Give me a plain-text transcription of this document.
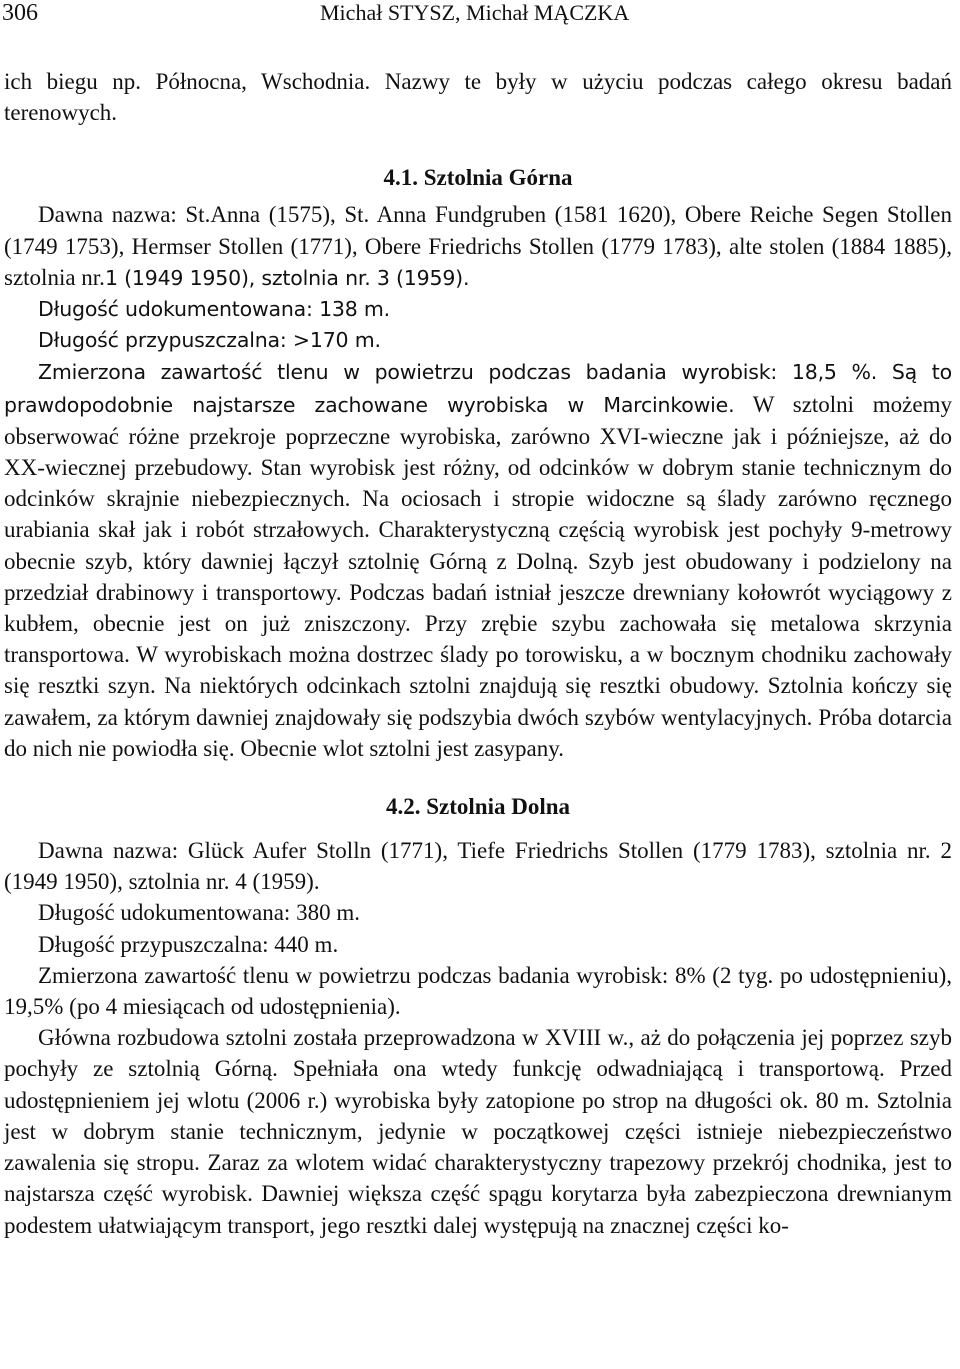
306	Michał STYSZ, Michał MĄCZKA

ich biegu np. Północna, Wschodnia. Nazwy te były w użyciu podczas całego okresu badań terenowych.

4.1. Sztolnia Górna

Dawna nazwa: St.Anna (1575), St. Anna Fundgruben (1581 1620), Obere Reiche Segen Stollen (1749 1753), Hermser Stollen (1771), Obere Friedrichs Stollen (1779 1783), alte stolen (1884 1885), sztolnia nr.1 (1949 1950), sztolnia nr. 3 (1959).

Długość udokumentowana: 138 m.

Długość przypuszczalna: >170 m.

Zmierzona zawartość tlenu w powietrzu podczas badania wyrobisk: 18,5 %. Są to prawdopodobnie najstarsze zachowane wyrobiska w Marcinkowie. W sztolni możemy obserwować różne przekroje poprzeczne wyrobiska, zarówno XVI-wieczne jak i późniejsze, aż do XX-wiecznej przebudowy. Stan wyrobisk jest różny, od odcinków w dobrym stanie technicznym do odcinków skrajnie niebezpiecznych. Na ociosach i stropie widoczne są ślady zarówno ręcznego urabiania skał jak i robót strzałowych. Charakterystyczną częścią wyrobisk jest pochyły 9-metrowy obecnie szyb, który dawniej łączył sztolnię Górną z Dolną. Szyb jest obudowany i podzielony na przedział drabinowy i transportowy. Podczas badań istniał jeszcze drewniany kołowrót wyciągowy z kubłem, obecnie jest on już zniszczony. Przy zrębie szybu zachowała się metalowa skrzynia transportowa. W wyrobiskach można dostrzec ślady po torowisku, a w bocznym chodniku zachowały się resztki szyn. Na niektórych odcinkach sztolni znajdują się resztki obudowy. Sztolnia kończy się zawałem, za którym dawniej znajdowały się podszybia dwóch szybów wentylacyjnych. Próba dotarcia do nich nie powiodła się. Obecnie wlot sztolni jest zasypany.

4.2. Sztolnia Dolna

Dawna nazwa: Glück Aufer Stolln (1771), Tiefe Friedrichs Stollen (1779 1783), sztolnia nr. 2 (1949 1950), sztolnia nr. 4 (1959).

Długość udokumentowana: 380 m.

Długość przypuszczalna: 440 m.

Zmierzona zawartość tlenu w powietrzu podczas badania wyrobisk: 8% (2 tyg. po udostępnieniu), 19,5% (po 4 miesiącach od udostępnienia).

Główna rozbudowa sztolni została przeprowadzona w XVIII w., aż do połączenia jej poprzez szyb pochyły ze sztolnią Górną. Spełniała ona wtedy funkcję odwadniającą i transportową. Przed udostępnieniem jej wlotu (2006 r.) wyrobiska były zatopione po strop na długości ok. 80 m. Sztolnia jest w dobrym stanie technicznym, jedynie w początkowej części istnieje niebezpieczeństwo zawalenia się stropu. Zaraz za wlotem widać charakterystyczny trapezowy przekrój chodnika, jest to najstarsza część wyrobisk. Dawniej większa część spągu korytarza była zabezpieczona drewnianym podestem ułatwiającym transport, jego resztki dalej występują na znacznej części ko-
